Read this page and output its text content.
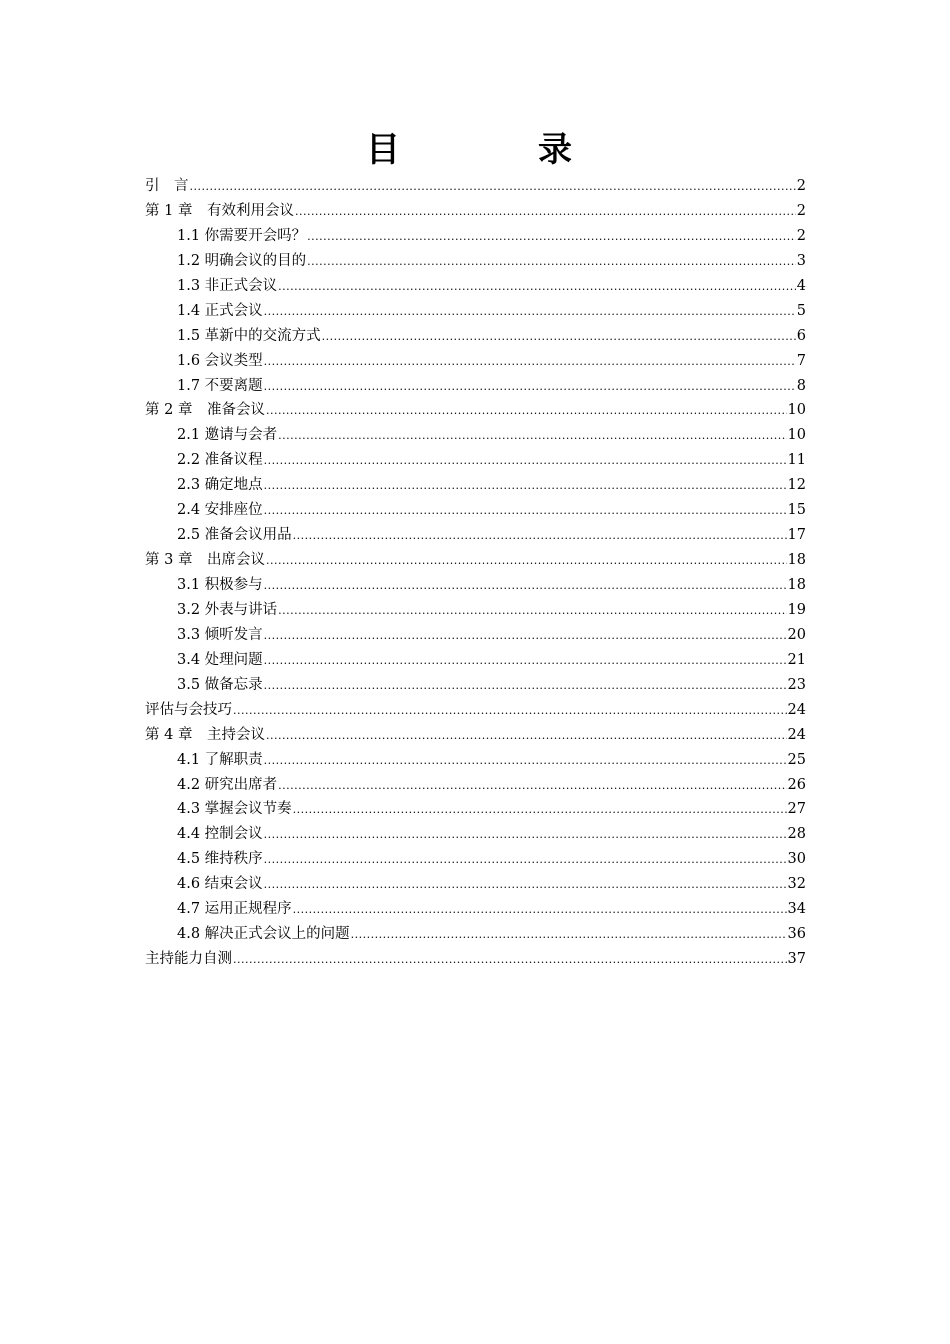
目　录
引　言 .....	2
第 1 章　有效利用会议 .....	2
1.1 你需要开会吗？ .....	2
1.2 明确会议的目的 .....	3
1.3 非正式会议 .....	4
1.4 正式会议 .....	5
1.5 革新中的交流方式 .....	6
1.6 会议类型 .....	7
1.7 不要离题 .....	8
第 2 章　准备会议 .....	10
2.1 邀请与会者 .....	10
2.2 准备议程 .....	11
2.3 确定地点 .....	12
2.4 安排座位 .....	15
2.5 准备会议用品 .....	17
第 3 章　出席会议 .....	18
3.1 积极参与 .....	18
3.2 外表与讲话 .....	19
3.3 倾听发言 .....	20
3.4 处理问题 .....	21
3.5 做备忘录 .....	23
评估与会技巧 .....	24
第 4 章　主持会议 .....	24
4.1 了解职责 .....	25
4.2 研究出席者 .....	26
4.3 掌握会议节奏 .....	27
4.4 控制会议 .....	28
4.5 维持秩序 .....	30
4.6 结束会议 .....	32
4.7 运用正规程序 .....	34
4.8 解决正式会议上的问题 .....	36
主持能力自测 .....	37
